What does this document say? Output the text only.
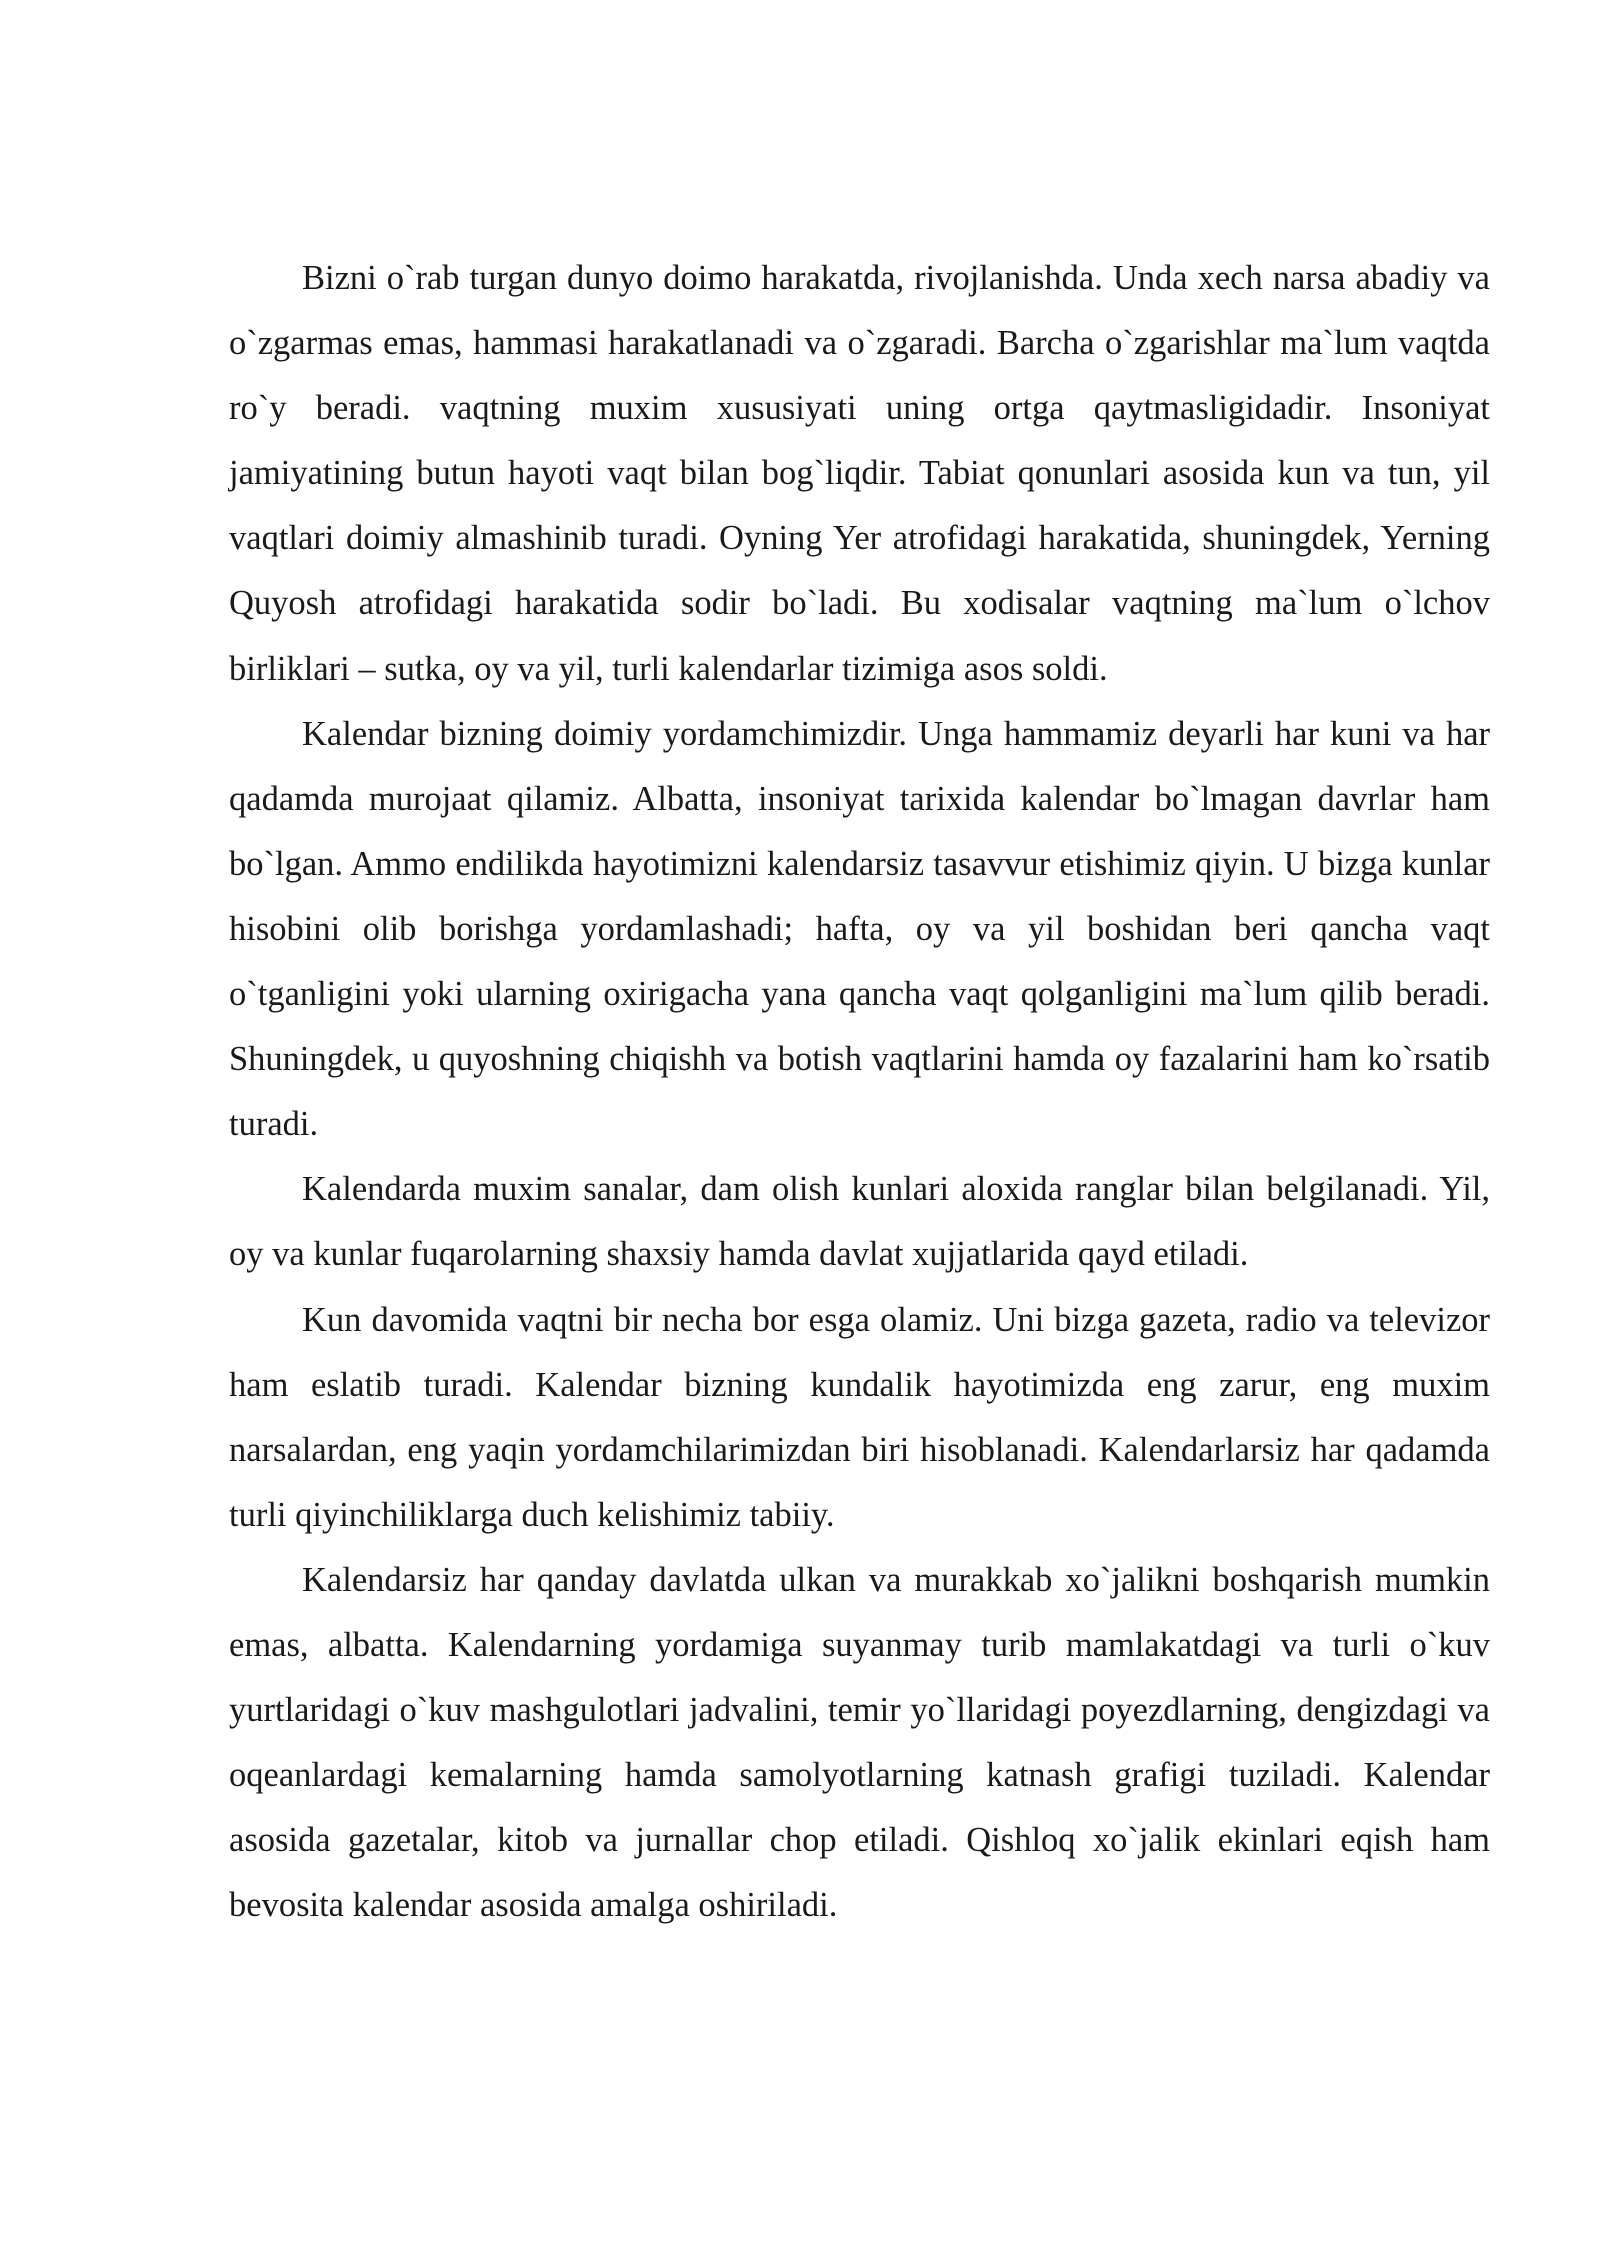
Bizni o`rab turgan dunyo doimo harakatda, rivojlanishda. Unda xech narsa abadiy va o`zgarmas emas, hammasi harakatlanadi va o`zgaradi. Barcha o`zgarishlar ma`lum vaqtda ro`y beradi. vaqtning muxim xususiyati uning ortga qaytmasligidadir. Insoniyat jamiyatining butun hayoti vaqt bilan bog`liqdir. Tabiat qonunlari asosida kun va tun, yil vaqtlari doimiy almashinib turadi. Oyning Yer atrofidagi harakatida, shuningdek, Yerning Quyosh atrofidagi harakatida sodir bo`ladi. Bu xodisalar vaqtning ma`lum o`lchov birliklari – sutka, oy va yil, turli kalendarlar tizimiga asos soldi.

Kalendar bizning doimiy yordamchimizdir. Unga hammamiz deyarli har kuni va har qadamda murojaat qilamiz. Albatta, insoniyat tarixida kalendar bo`lmagan davrlar ham bo`lgan. Ammo endilikda hayotimizni kalendarsiz tasavvur etishimiz qiyin. U bizga kunlar hisobini olib borishga yordamlashadi; hafta, oy va yil boshidan beri qancha vaqt o`tganligini yoki ularning oxirigacha yana qancha vaqt qolganligini ma`lum qilib beradi. Shuningdek, u quyoshning chiqishh va botish vaqtlarini hamda oy fazalarini ham ko`rsatib turadi.

Kalendarda muxim sanalar, dam olish kunlari aloxida ranglar bilan belgilanadi. Yil, oy va kunlar fuqarolarning shaxsiy hamda davlat xujjatlarida qayd etiladi.

Kun davomida vaqtni bir necha bor esga olamiz. Uni bizga gazeta, radio va televizor ham eslatib turadi. Kalendar bizning kundalik hayotimizda eng zarur, eng muxim narsalardan, eng yaqin yordamchilarimizdan biri hisoblanadi. Kalendarlarsiz har qadamda turli qiyinchiliklarga duch kelishimiz tabiiy.

Kalendarsiz har qanday davlatda ulkan va murakkab xo`jalikni boshqarish mumkin emas, albatta. Kalendarning yordamiga suyanmay turib mamlakatdagi va turli o`kuv yurtlaridagi o`kuv mashgulotlari jadvalini, temir yo`llaridagi poyezdlarning, dengizdagi va oqeanlardagi kemalarning hamda samolyotlarning katnash grafigi tuziladi. Kalendar asosida gazetalar, kitob va jurnallar chop etiladi. Qishloq xo`jalik ekinlari eqish ham bevosita kalendar asosida amalga oshiriladi.
